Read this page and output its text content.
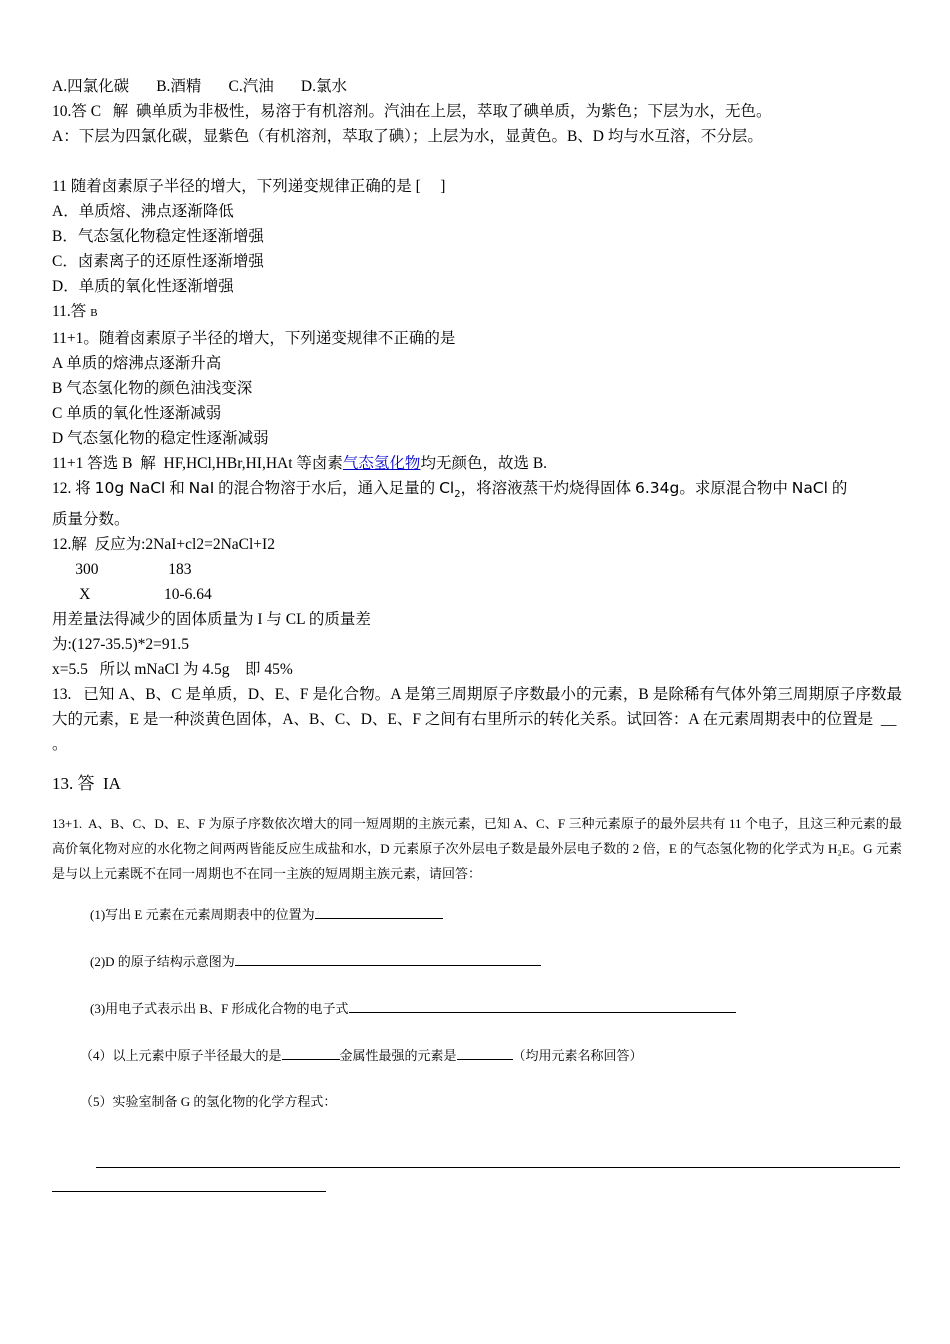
A.四氯化碳       B.酒精       C.汽油       D.氯水
10.答 C   解  碘单质为非极性，易溶于有机溶剂。汽油在上层，萃取了碘单质，为紫色；下层为水，无色。
A：下层为四氯化碳，显紫色（有机溶剂，萃取了碘）；上层为水，显黄色。B、D 均与水互溶，不分层。

11 随着卤素原子半径的增大，下列递变规律正确的是 [     ]
A．单质熔、沸点逐渐降低
B．气态氢化物稳定性逐渐增强
C．卤素离子的还原性逐渐增强
D．单质的氧化性逐渐增强
11.答 B
11+1。随着卤素原子半径的增大，下列递变规律不正确的是
A 单质的熔沸点逐渐升高
B 气态氢化物的颜色油浅变深
C 单质的氧化性逐渐减弱
D 气态氢化物的稳定性逐渐减弱
11+1 答选 B  解  HF,HCl,HBr,HI,HAt 等卤素气态氢化物均无颜色，故选 B.
12. 将 10g NaCl 和 NaI 的混合物溶于水后，通入足量的 $Cl_2$，将溶液蒸干灼烧得固体 6.34g。求原混合物中 NaCl 的
质量分数。
12.解  反应为:2NaI+cl2=2NaCl+I2
300                  183
X                   10-6.64
用差量法得减少的固体质量为 I 与 CL 的质量差
为:(127-35.5)*2=91.5
x=5.5   所以 mNaCl 为 4.5g    即 45%
13.   已知 A、B、C 是单质，D、E、F 是化合物。A 是第三周期原子序数最小的元素，B 是除稀有气体外第三周期原子序数最大的元素，E 是一种淡黄色固体，A、B、C、D、E、F 之间有右里所示的转化关系。试回答：A 在元素周期表中的位置是  __
。
13. 答  IA
13+1.  A、B、C、D、E、F 为原子序数依次增大的同一短周期的主族元素，已知 A、C、F 三种元素原子的最外层共有 11 个电子，且这三种元素的最高价氧化物对应的水化物之间两两皆能反应生成盐和水，D 元素原子次外层电子数是最外层电子数的 2 倍，E 的气态氢化物的化学式为 H₂E。G 元素是与以上元素既不在同一周期也不在同一主族的短周期主族元素，请回答：
(1)写出 E 元素在元素周期表中的位置为
(2)D 的原子结构示意图为
(3)用电子式表示出 B、F 形成化合物的电子式
（4）以上元素中原子半径最大的是	金属性最强的元素是	（均用元素名称回答）
（5）实验室制备 G 的氢化物的化学方程式：
